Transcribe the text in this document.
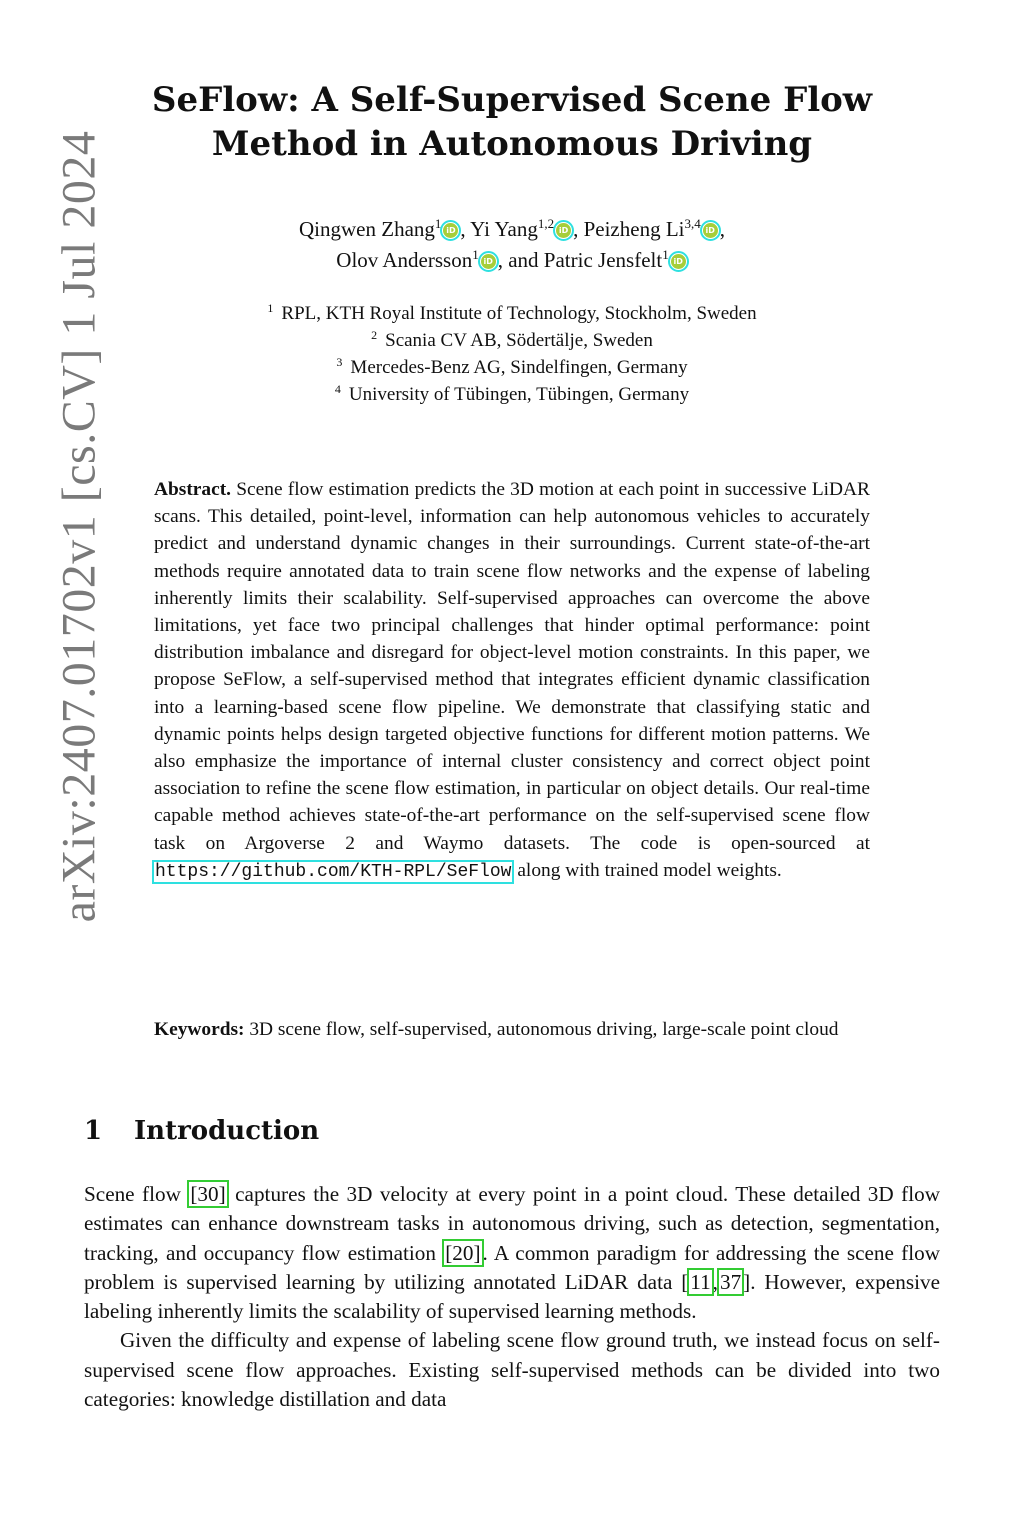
arXiv:2407.01702v1 [cs.CV] 1 Jul 2024
SeFlow: A Self-Supervised Scene Flow
Method in Autonomous Driving
Qingwen Zhang$^1$ iD , Yi Yang$^{1,2}$ iD , Peizheng Li$^{3,4}$ iD ,
Olov Andersson$^1$ iD , and Patric Jensfelt$^1$ iD
$^1$ RPL, KTH Royal Institute of Technology, Stockholm, Sweden
$^2$ Scania CV AB, Södertälje, Sweden
$^3$ Mercedes-Benz AG, Sindelfingen, Germany
$^4$ University of Tübingen, Tübingen, Germany
Abstract. Scene flow estimation predicts the 3D motion at each point in successive LiDAR scans. This detailed, point-level, information can help autonomous vehicles to accurately predict and understand dynamic changes in their surroundings. Current state-of-the-art methods require annotated data to train scene flow networks and the expense of labeling inherently limits their scalability. Self-supervised approaches can overcome the above limitations, yet face two principal challenges that hinder optimal performance: point distribution imbalance and disregard for object-level motion constraints. In this paper, we propose SeFlow, a self-supervised method that integrates efficient dynamic classification into a learning-based scene flow pipeline. We demonstrate that classifying static and dynamic points helps design targeted objective functions for different motion patterns. We also emphasize the importance of internal cluster consistency and correct object point association to refine the scene flow estimation, in particular on object details. Our real-time capable method achieves state-of-the-art performance on the self-supervised scene flow task on Argoverse 2 and Waymo datasets. The code is open-sourced at https://github.com/KTH-RPL/SeFlow along with trained model weights.
Keywords: 3D scene flow, self-supervised, autonomous driving, large-scale point cloud
1 Introduction

Scene flow [30] captures the 3D velocity at every point in a point cloud. These detailed 3D flow estimates can enhance downstream tasks in autonomous driving, such as detection, segmentation, tracking, and occupancy flow estimation [20]. A common paradigm for addressing the scene flow problem is supervised learning by utilizing annotated LiDAR data [11,37]. However, expensive labeling inherently limits the scalability of supervised learning methods.

Given the difficulty and expense of labeling scene flow ground truth, we instead focus on self-supervised scene flow approaches. Existing self-supervised methods can be divided into two categories: knowledge distillation and data
